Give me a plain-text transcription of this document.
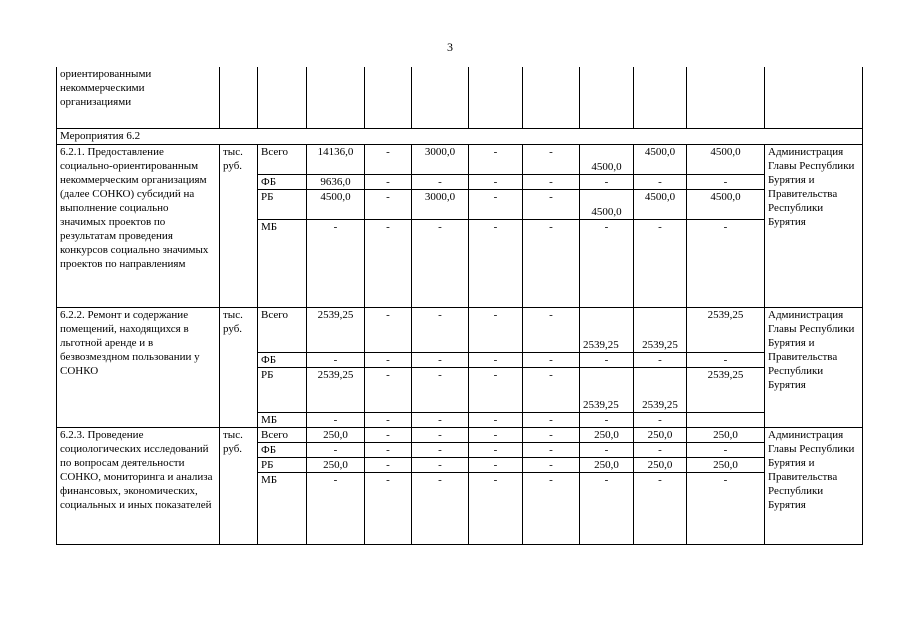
3
ориентированными некоммерческими организациями											
Мероприятия 6.2											
6.2.1. Предоставление социально-ориентированным некоммерческим организациям (далее СОНКО) субсидий на выполнение социально значимых проектов по результатам проведения конкурсов социально значимых проектов по направлениям	тыс. руб.	Всего	14136,0	-	3000,0	-	-	4500,0	4500,0	4500,0	Администрация Главы Республики Бурятия и Правительства Республики Бурятия
		ФБ	9636,0	-	-	-	-	-	-	-	
		РБ	4500,0	-	3000,0	-	-	4500,0	4500,0	4500,0	
		МБ	-	-	-	-	-	-	-	-	
6.2.2. Ремонт и содержание помещений, находящихся в льготной аренде и в безвозмездном пользовании у СОНКО	тыс. руб.	Всего	2539,25	-	-	-	-	2539,25	2539,25	2539,25	Администрация Главы Республики Бурятия и Правительства Республики Бурятия
		ФБ	-	-	-	-	-	-	-	-	
		РБ	2539,25	-	-	-	-	2539,25	2539,25	2539,25	
		МБ	-	-	-	-	-	-	-		
6.2.3. Проведение социологических исследований по вопросам деятельности СОНКО, мониторинга и анализа финансовых, экономических, социальных и иных показателей	тыс. руб.	Всего	250,0	-	-	-	-	250,0	250,0	250,0	Администрация Главы Республики Бурятия и Правительства Республики Бурятия
		ФБ	-	-	-	-	-	-	-	-	
		РБ	250,0	-	-	-	-	250,0	250,0	250,0	
		МБ	-	-	-	-	-	-	-	-	
